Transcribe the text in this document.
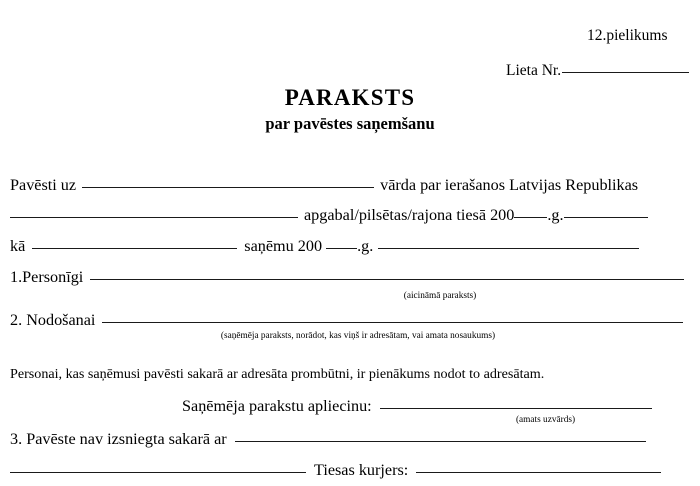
12.pielikums
Lieta Nr.
PARAKSTS
par pavēstes saņemšanu
Pavēsti uz	vārda par ierašanos Latvijas Republikas
apgabal/pilsētas/rajona tiesā 200 .g.
kā	saņēmu 200 .g.
1.Personīgi
(aicināmā paraksts)
2. Nodošanai
(saņēmēja paraksts, norādot, kas viņš ir adresātam, vai amata nosaukums)
Personai, kas saņēmusi pavēsti sakarā ar adresāta prombūtni, ir pienākums nodot to adresātam.
Saņēmēja parakstu apliecinu:
(amats uzvārds)
3. Pavēste nav izsniegta sakarā ar
Tiesas kurjers:
